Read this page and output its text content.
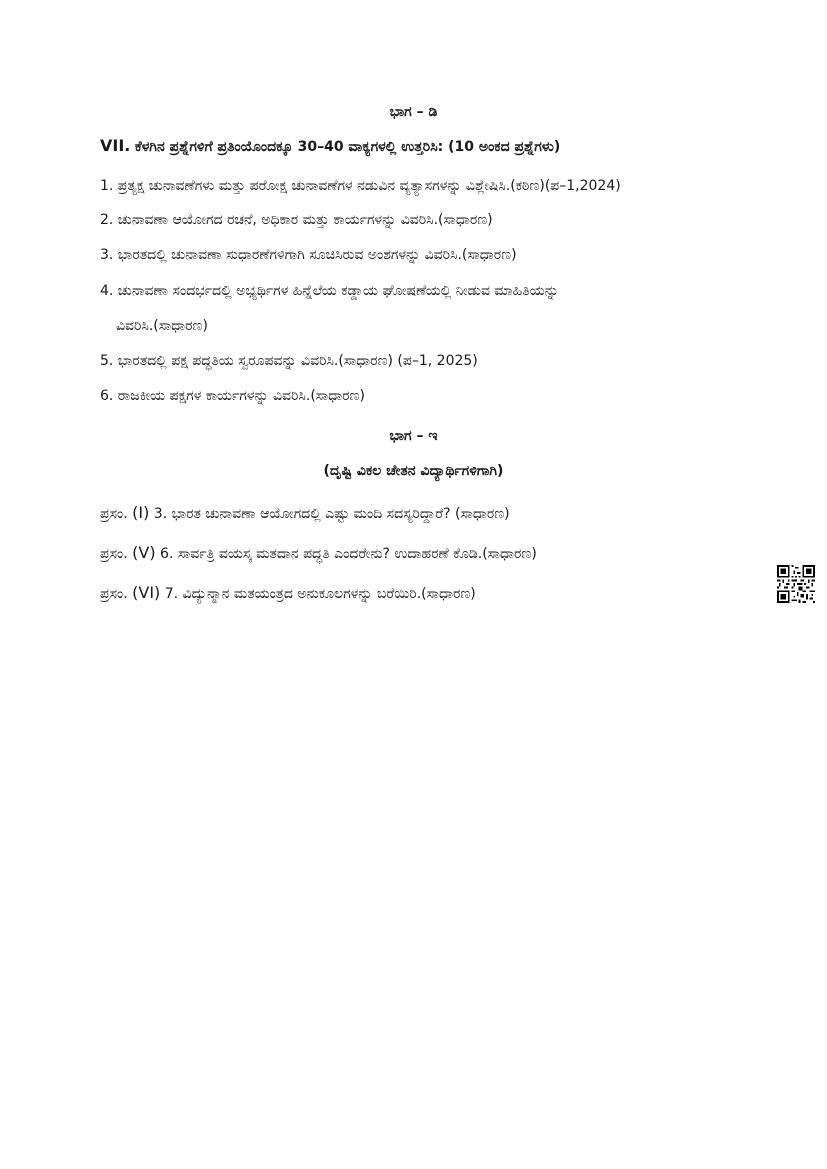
ಭಾಗ – ಡಿ
VII. ಕೆಳಗಿನ ಪ್ರಶ್ನೆಗಳಿಗೆ ಪ್ರತಿಂಯೊಂದಕ್ಕೂ 30–40 ವಾಕ್ಯಗಳಲ್ಲಿ ಉತ್ತರಿಸಿ: (10 ಅಂಕದ ಪ್ರಶ್ನೆಗಳು)
1. ಪ್ರತ್ಯಕ್ಷ ಚುನಾವಣೆಗಳು ಮತ್ತು ಪರೋಕ್ಷ ಚುನಾವಣೆಗಳ ನಡುವಿನ ವ್ಯತ್ಯಾಸಗಳನ್ನು ವಿಶ್ಲೇಷಿಸಿ.(ಕಠಿಣ)(ಪ–1,2024)
2. ಚುನಾವಣಾ ಆಯೋಗದ ರಚನೆ, ಅಧಿಕಾರ ಮತ್ತು ಕಾರ್ಯಗಳನ್ನು ವಿವರಿಸಿ.(ಸಾಧಾರಣ)
3. ಭಾರತದಲ್ಲಿ ಚುನಾವಣಾ ಸುಧಾರಣೆಗಳಿಗಾಗಿ ಸೂಚಿಸಿರುವ ಅಂಶಗಳನ್ನು ವಿವರಿಸಿ.(ಸಾಧಾರಣ)
4. ಚುನಾವಣಾ ಸಂದರ್ಭದಲ್ಲಿ ಅಭ್ಯರ್ಥಿಗಳ ಹಿನ್ನೆಲೆಯ ಕಡ್ಡಾಯ ಘೋಷಣೆಯಲ್ಲಿ ನೀಡುವ ಮಾಹಿತಿಯನ್ನು
ವಿವರಿಸಿ.(ಸಾಧಾರಣ)
5. ಭಾರತದಲ್ಲಿ ಪಕ್ಷ ಪದ್ಧತಿಯ ಸ್ವರೂಪವನ್ನು ವಿವರಿಸಿ.(ಸಾಧಾರಣ) (ಪ–1, 2025)
6. ರಾಜಕೀಯ ಪಕ್ಷಗಳ ಕಾರ್ಯಗಳನ್ನು ವಿವರಿಸಿ.(ಸಾಧಾರಣ)
ಭಾಗ – ಇ
(ದೃಷ್ಟಿ ವಿಕಲ ಚೇತನ ವಿದ್ಯಾರ್ಥಿಗಳಿಗಾಗಿ)
ಪ್ರಸಂ. (I) 3. ಭಾರತ ಚುನಾವಣಾ ಆಯೋಗದಲ್ಲಿ ಎಷ್ಟು ಮಂದಿ ಸದಸ್ಯರಿದ್ದಾರೆ? (ಸಾಧಾರಣ)
ಪ್ರಸಂ. (V) 6. ಸಾರ್ವತ್ರಿ ವಯಸ್ಕ ಮತದಾನ ಪದ್ಧತಿ ಎಂದರೇನು? ಉದಾಹರಣೆ ಕೊಡಿ.(ಸಾಧಾರಣ)
ಪ್ರಸಂ. (VI) 7. ವಿದ್ಯುನ್ಮಾನ ಮತಯಂತ್ರದ ಅನುಕೂಲಗಳನ್ನು ಬರೆಯಿರಿ.(ಸಾಧಾರಣ)
